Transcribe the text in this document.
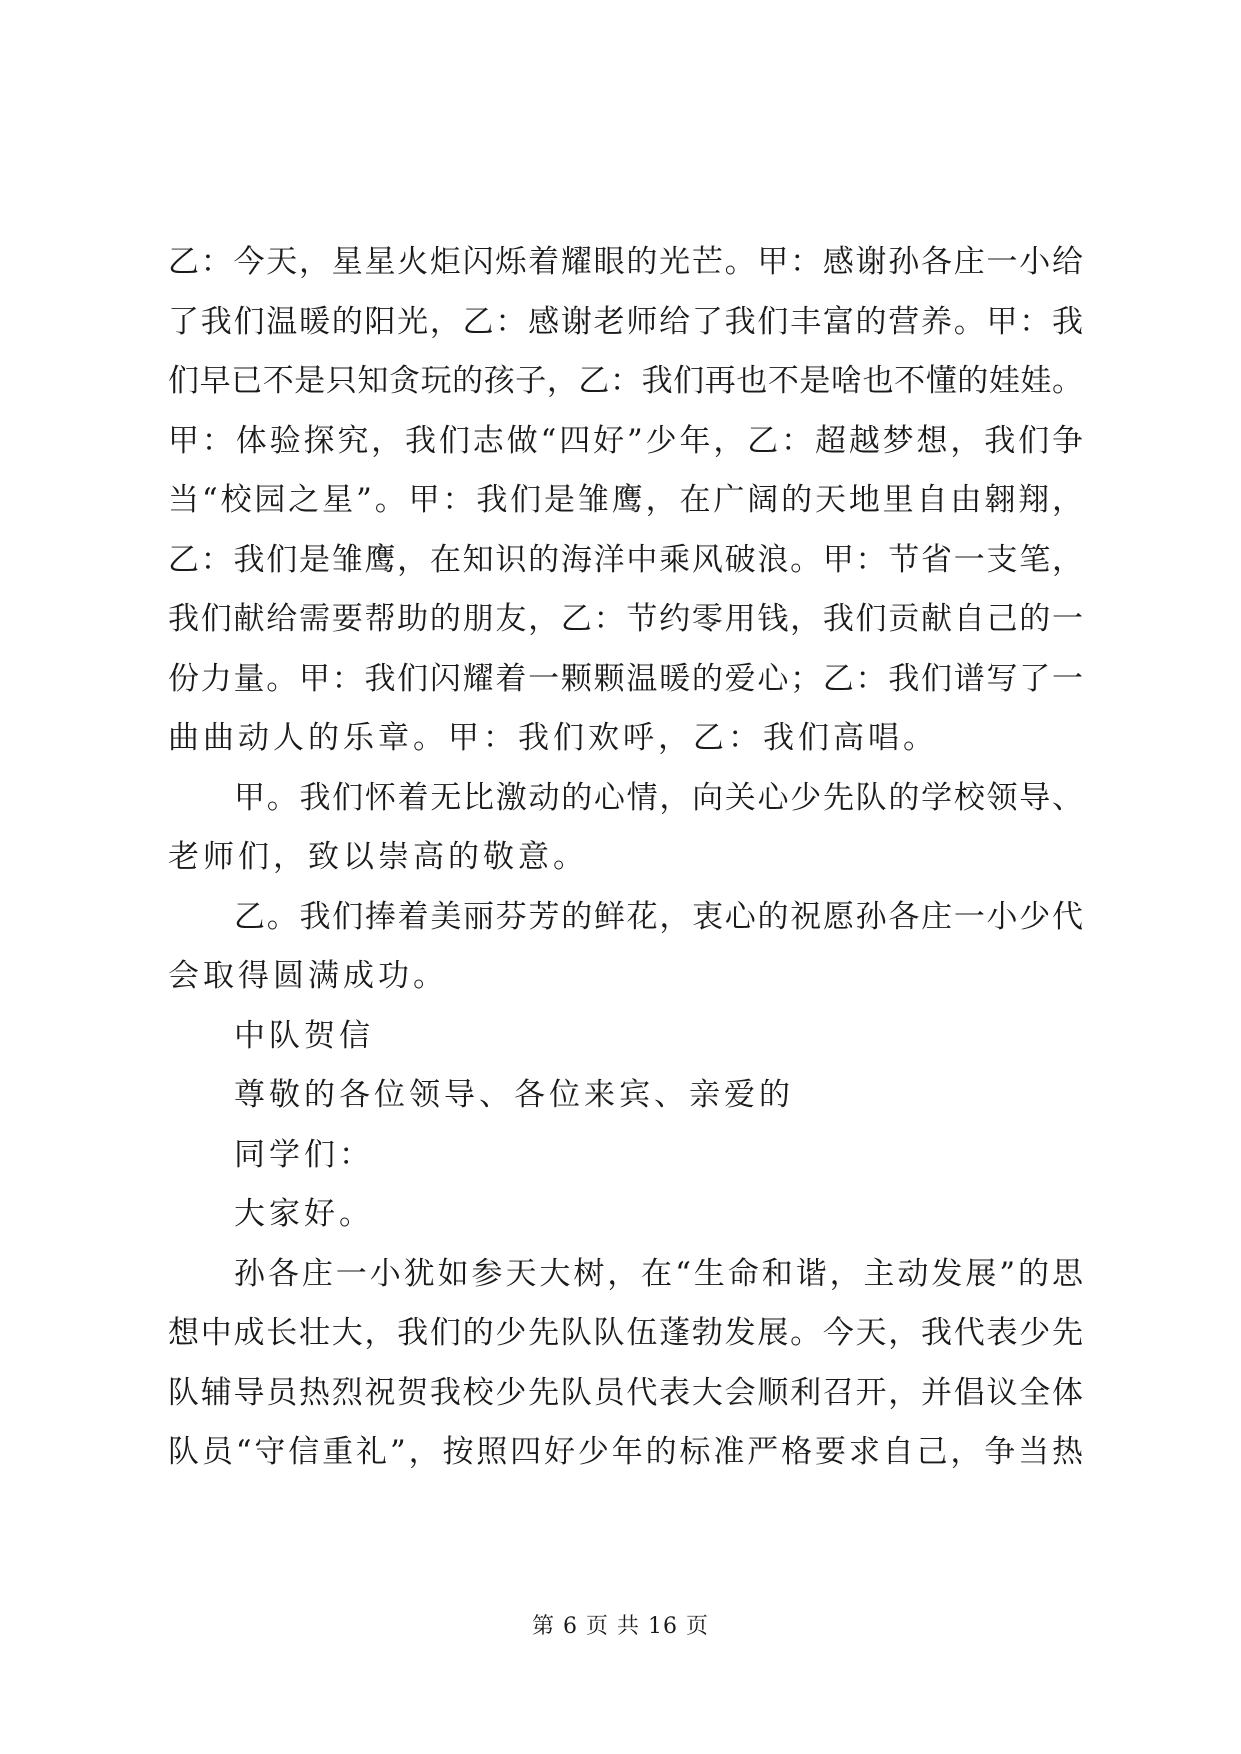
乙：今天，星星火炬闪烁着耀眼的光芒。甲：感谢孙各庄一小给
了我们温暖的阳光，乙：感谢老师给了我们丰富的营养。甲：我
们早已不是只知贪玩的孩子，乙：我们再也不是啥也不懂的娃娃。
甲：体验探究，我们志做“四好”少年，乙：超越梦想，我们争
当“校园之星”。甲：我们是雏鹰，在广阔的天地里自由翱翔，
乙：我们是雏鹰，在知识的海洋中乘风破浪。甲：节省一支笔，
我们献给需要帮助的朋友，乙：节约零用钱，我们贡献自己的一
份力量。甲：我们闪耀着一颗颗温暖的爱心；乙：我们谱写了一
曲曲动人的乐章。甲：我们欢呼，乙：我们高唱。
甲。我们怀着无比激动的心情，向关心少先队的学校领导、
老师们，致以崇高的敬意。
乙。我们捧着美丽芬芳的鲜花，衷心的祝愿孙各庄一小少代
会取得圆满成功。
中队贺信
尊敬的各位领导、各位来宾、亲爱的
同学们：
大家好。
孙各庄一小犹如参天大树，在“生命和谐，主动发展”的思
想中成长壮大，我们的少先队队伍蓬勃发展。今天，我代表少先
队辅导员热烈祝贺我校少先队员代表大会顺利召开，并倡议全体
队员“守信重礼”，按照四好少年的标准严格要求自己，争当热
第 6 页 共 16 页
